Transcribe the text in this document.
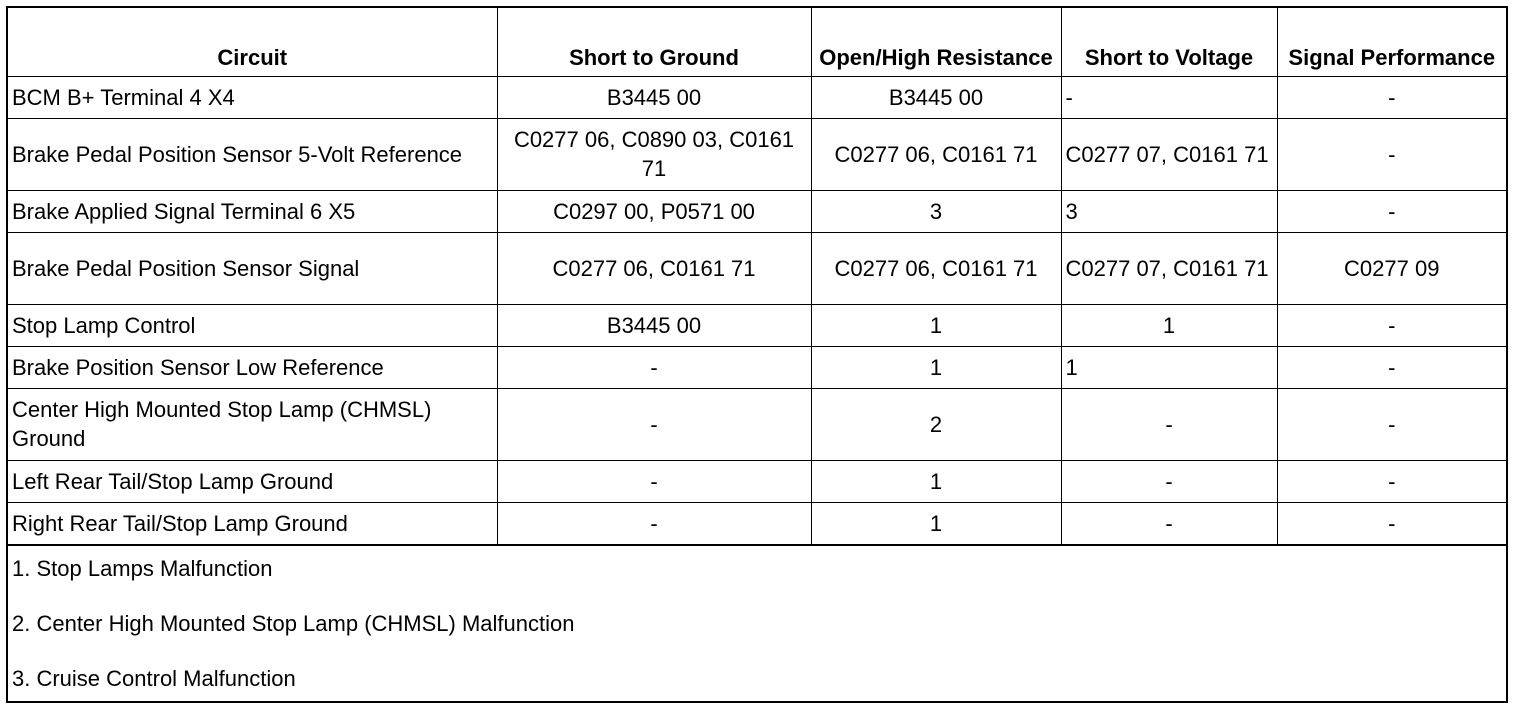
Circuit	Short to Ground	Open/High Resistance	Short to Voltage	Signal Performance
BCM B+ Terminal 4 X4	B3445 00	B3445 00	-	-
Brake Pedal Position Sensor 5-Volt Reference	C0277 06, C0890 03, C0161 71	C0277 06, C0161 71	C0277 07, C0161 71	-
Brake Applied Signal Terminal 6 X5	C0297 00, P0571 00	3	3	-
Brake Pedal Position Sensor Signal	C0277 06, C0161 71	C0277 06, C0161 71	C0277 07, C0161 71	C0277 09
Stop Lamp Control	B3445 00	1	1	-
Brake Position Sensor Low Reference	-	1	1	-
Center High Mounted Stop Lamp (CHMSL) Ground	-	2	-	-
Left Rear Tail/Stop Lamp Ground	-	1	-	-
Right Rear Tail/Stop Lamp Ground	-	1	-	-
1. Stop Lamps Malfunction
2. Center High Mounted Stop Lamp (CHMSL) Malfunction
3. Cruise Control Malfunction
